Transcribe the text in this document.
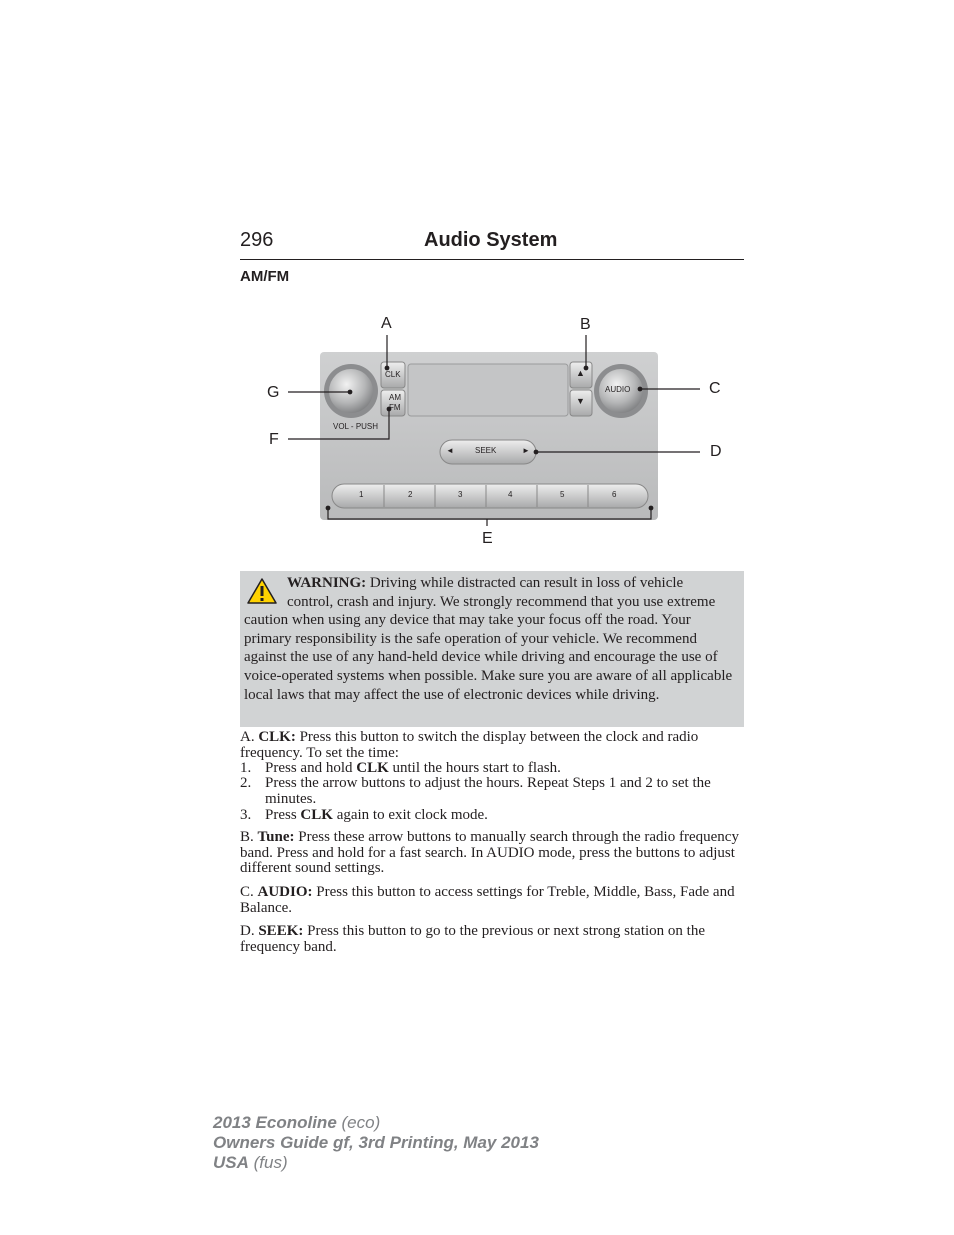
296	Audio System
AM/FM
A	B
C
D
E
F
G
CLK
AM
FM
VOL - PUSH
AUDIO
▲
▼
SEEK
◄	►
1	2	3	4	5	6

WARNING: Driving while distracted can result in loss of vehicle
control, crash and injury. We strongly recommend that you use extreme caution when using any device that may take your focus off the road. Your primary responsibility is the safe operation of your vehicle. We recommend against the use of any hand-held device while driving and encourage the use of voice-operated systems when possible. Make sure you are aware of all applicable local laws that may affect the use of electronic devices while driving.

A. CLK: Press this button to switch the display between the clock and radio frequency. To set the time:

1. Press and hold CLK until the hours start to flash.
2. Press the arrow buttons to adjust the hours. Repeat Steps 1 and 2 to set the minutes.
3. Press CLK again to exit clock mode.

B. Tune: Press these arrow buttons to manually search through the radio frequency band. Press and hold for a fast search. In AUDIO mode, press the buttons to adjust different sound settings.

C. AUDIO: Press this button to access settings for Treble, Middle, Bass, Fade and Balance.

D. SEEK: Press this button to go to the previous or next strong station on the frequency band.

2013 Econoline (eco)
Owners Guide gf, 3rd Printing, May 2013
USA (fus)
